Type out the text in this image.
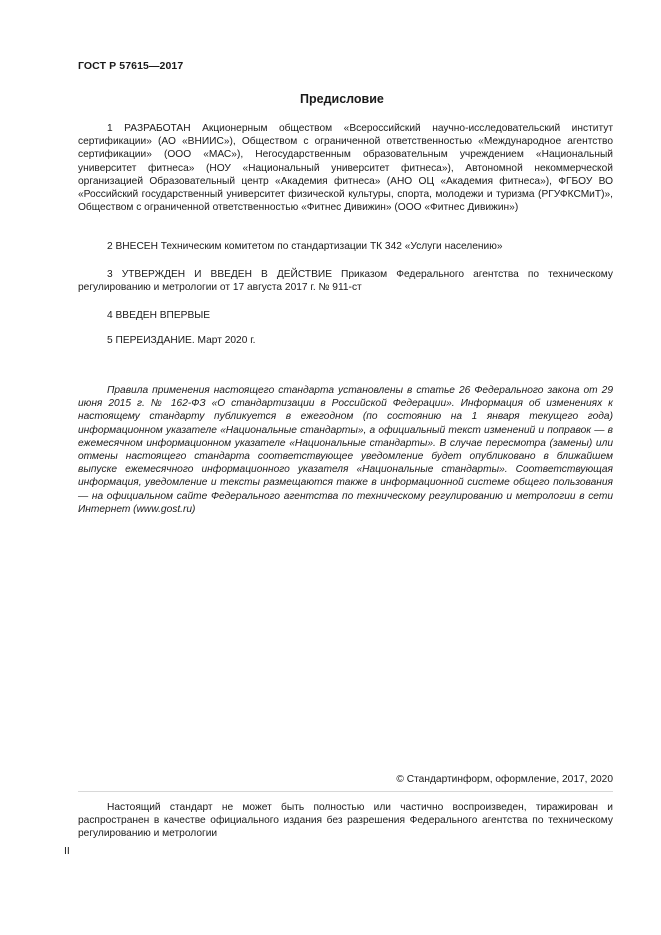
ГОСТ Р 57615—2017
Предисловие

1 РАЗРАБОТАН Акционерным обществом «Всероссийский научно-исследовательский институт сертификации» (АО «ВНИИС»), Обществом с ограниченной ответственностью «Международное агентство сертификации» (ООО «МАС»), Негосударственным образовательным учреждением «Национальный университет фитнеса» (НОУ «Национальный университет фитнеса»), Автономной некоммерческой организацией Образовательный центр «Академия фитнеса» (АНО ОЦ «Академия фитнеса»), ФГБОУ ВО «Российский государственный университет физической культуры, спорта, молодежи и туризма (РГУФКСМиТ)», Обществом с ограниченной ответственностью «Фитнес Дивижин» (ООО «Фитнес Дивижин»)

2 ВНЕСЕН Техническим комитетом по стандартизации ТК 342 «Услуги населению»

3 УТВЕРЖДЕН И ВВЕДЕН В ДЕЙСТВИЕ Приказом Федерального агентства по техническому регулированию и метрологии от 17 августа 2017 г. № 911-ст

4 ВВЕДЕН ВПЕРВЫЕ

5 ПЕРЕИЗДАНИЕ. Март 2020 г.

Правила применения настоящего стандарта установлены в статье 26 Федерального закона от 29 июня 2015 г. № 162-ФЗ «О стандартизации в Российской Федерации». Информация об изменениях к настоящему стандарту публикуется в ежегодном (по состоянию на 1 января текущего года) информационном указателе «Национальные стандарты», а официальный текст изменений и поправок — в ежемесячном информационном указателе «Национальные стандарты». В случае пересмотра (замены) или отмены настоящего стандарта соответствующее уведомление будет опубликовано в ближайшем выпуске ежемесячного информационного указателя «Национальные стандарты». Соответствующая информация, уведомление и тексты размещаются также в информационной системе общего пользования — на официальном сайте Федерального агентства по техническому регулированию и метрологии в сети Интернет (www.gost.ru)

© Стандартинформ, оформление, 2017, 2020

Настоящий стандарт не может быть полностью или частично воспроизведен, тиражирован и распространен в качестве официального издания без разрешения Федерального агентства по техническому регулированию и метрологии

II
